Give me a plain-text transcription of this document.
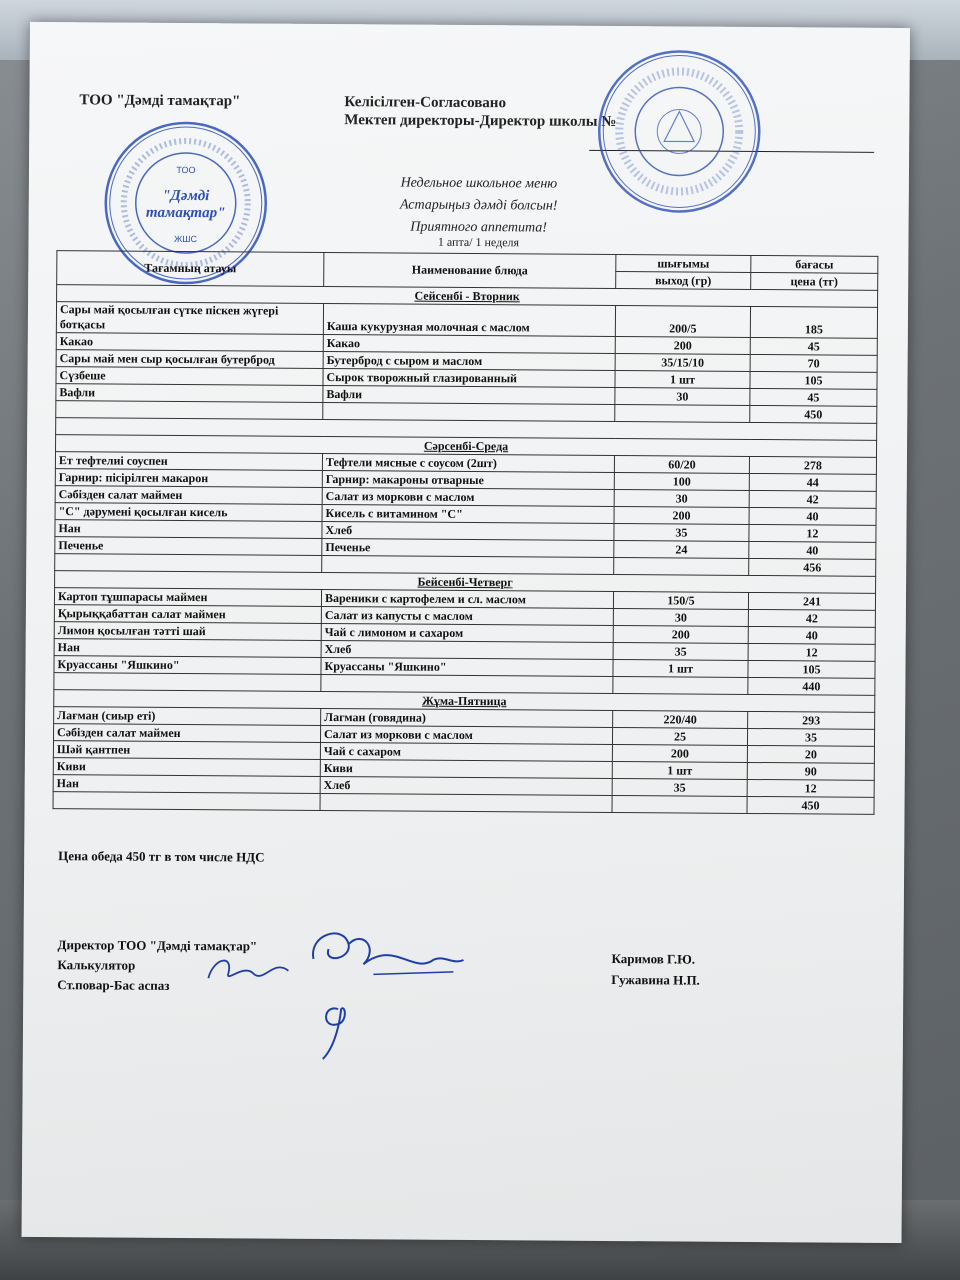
ТОО "Дәмді тамақтар"	Келісілген-Согласовано
Мектеп директоры-Директор школы №
ТОО
"Дәмді
тамақтар"
ЖШС
Недельное школьное меню
Астарыңыз дәмді болсын!
Приятного аппетита!
1 апта/ 1 неделя
Тағамның атауы	Наименование блюда	шығымы	бағасы
		выход (гр)	цена (тг)
Сейсенбі - Вторник			
Сары май қосылған сүтке піскен жүгері ботқасы	Каша кукурузная молочная с маслом	200/5	185
Какао	Какао	200	45
Сары май мен сыр қосылған бутерброд	Бутерброд с сыром и маслом	35/15/10	70
Сүзбеше	Сырок творожный глазированный	1 шт	105
Вафли	Вафли	30	45
			450

Сәрсенбі-Среда			
Ет тефтелиі соуспен	Тефтели мясные с соусом (2шт)	60/20	278
Гарнир: пісірілген макарон	Гарнир: макароны отварные	100	44
Сәбізден салат маймен	Салат из моркови с маслом	30	42
"С" дәрумені қосылған кисель	Кисель с витамином "С"	200	40
Нан	Хлеб	35	12
Печенье	Печенье	24	40
			456
Бейсенбі-Четверг			
Картоп тұшпарасы маймен	Вареники с картофелем и сл. маслом	150/5	241
Қырыққабаттан салат маймен	Салат из капусты с маслом	30	42
Лимон қосылған тәтті шай	Чай с лимоном и сахаром	200	40
Нан	Хлеб	35	12
Круассаны "Яшкино"	Круассаны "Яшкино"	1 шт	105
			440
Жұма-Пятница			
Лағман (сиыр еті)	Лагман (говядина)	220/40	293
Сәбізден салат маймен	Салат из моркови с маслом	25	35
Шәй қантпен	Чай с сахаром	200	20
Киви	Киви	1 шт	90
Нан	Хлеб	35	12
			450
Цена обеда 450 тг в том числе НДС
Директор ТОО "Дәмді тамақтар"
Калькулятор
Ст.повар-Бас аспаз
Каримов Г.Ю.
Гужавина Н.П.
